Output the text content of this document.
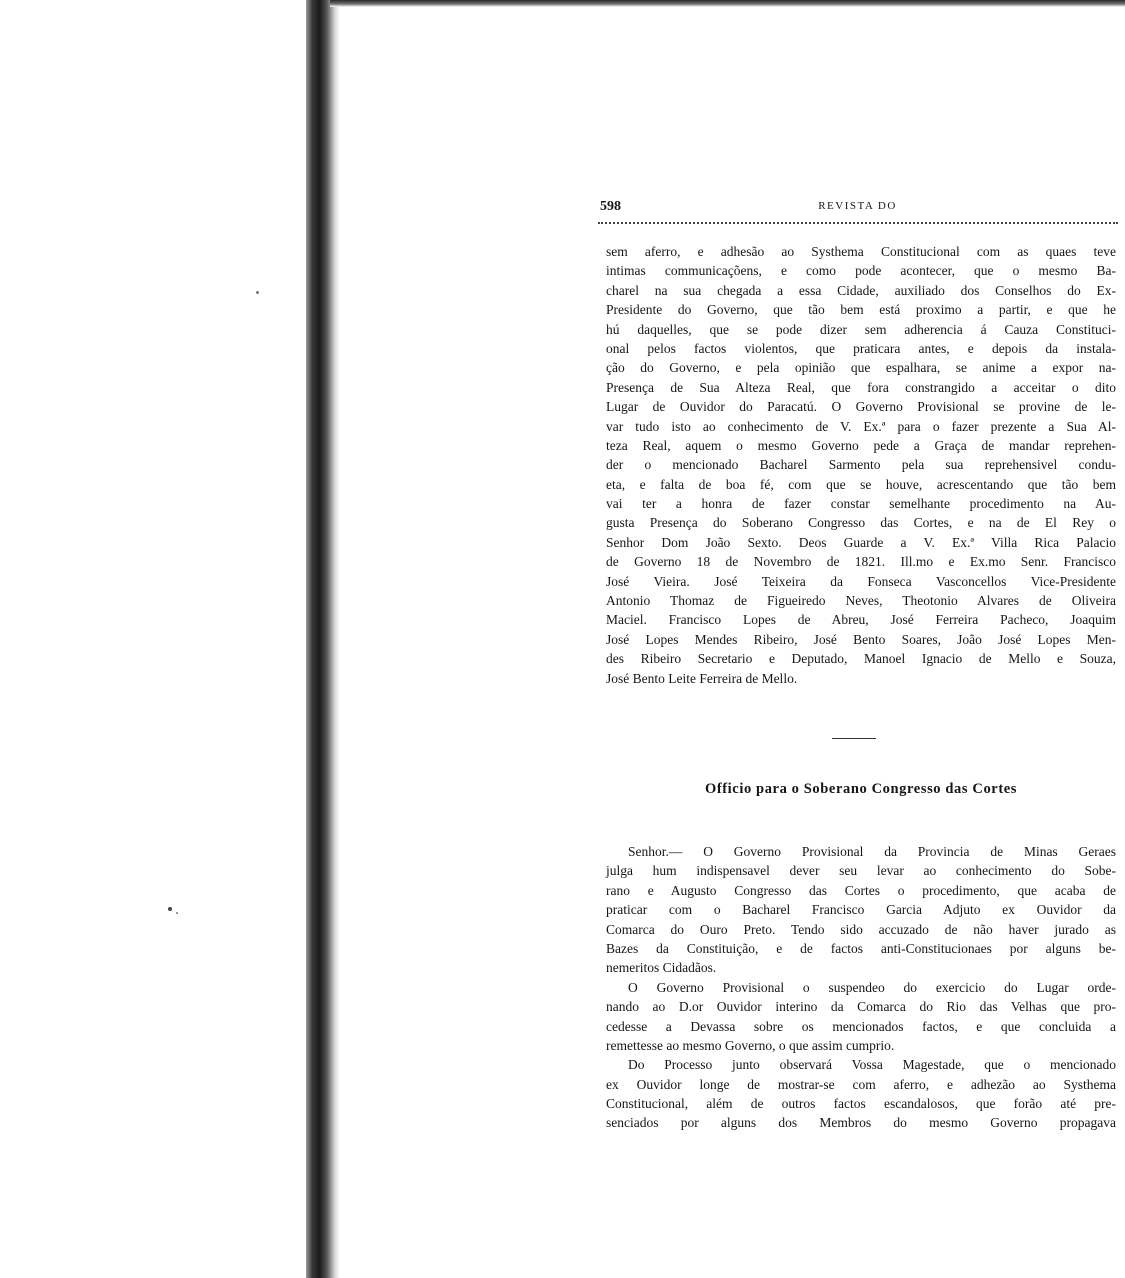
598	REVISTA DO
sem aferro, e adhesão ao Systhema Constitucional com as quaes teve
intimas communicaçõens, e como pode acontecer, que o mesmo Ba-
charel na sua chegada a essa Cidade, auxiliado dos Conselhos do Ex-
Presidente do Governo, que tão bem está proximo a partir, e que he
hú daquelles, que se pode dizer sem adherencia á Cauza Constituci-
onal pelos factos violentos, que praticara antes, e depois da instala-
ção do Governo, e pela opinião que espalhara, se anime a expor na-
Presença de Sua Alteza Real, que fora constrangido a acceitar o dito
Lugar de Ouvidor do Paracatú. O Governo Provisional se provine de le-
var tudo isto ao conhecimento de V. Ex.ª para o fazer prezente a Sua Al-
teza Real, aquem o mesmo Governo pede a Graça de mandar reprehen-
der o mencionado Bacharel Sarmento pela sua reprehensivel condu-
eta, e falta de boa fé, com que se houve, acrescentando que tão bem
vai ter a honra de fazer constar semelhante procedimento na Au-
gusta Presença do Soberano Congresso das Cortes, e na de El Rey o
Senhor Dom João Sexto. Deos Guarde a V. Ex.ª Villa Rica Palacio
de Governo 18 de Novembro de 1821. Ill.mo e Ex.mo Senr. Francisco
José Vieira. José Teixeira da Fonseca Vasconcellos Vice-Presidente
Antonio Thomaz de Figueiredo Neves, Theotonio Alvares de Oliveira
Maciel. Francisco Lopes de Abreu, José Ferreira Pacheco, Joaquim
José Lopes Mendes Ribeiro, José Bento Soares, João José Lopes Men-
des Ribeiro Secretario e Deputado, Manoel Ignacio de Mello e Souza,
José Bento Leite Ferreira de Mello.
Officio para o Soberano Congresso das Cortes
Senhor.— O Governo Provisional da Provincia de Minas Geraes
julga hum indispensavel dever seu levar ao conhecimento do Sobe-
rano e Augusto Congresso das Cortes o procedimento, que acaba de
praticar com o Bacharel Francisco Garcia Adjuto ex Ouvidor da
Comarca do Ouro Preto. Tendo sido accuzado de não haver jurado as
Bazes da Constituição, e de factos anti-Constitucionaes por alguns be-
nemeritos Cidadãos.
O Governo Provisional o suspendeo do exercicio do Lugar orde-
nando ao D.or Ouvidor interino da Comarca do Rio das Velhas que pro-
cedesse a Devassa sobre os mencionados factos, e que concluida a
remettesse ao mesmo Governo, o que assim cumprio.
Do Processo junto observará Vossa Magestade, que o mencionado
ex Ouvidor longe de mostrar-se com aferro, e adhezão ao Systhema
Constitucional, além de outros factos escandalosos, que forão até pre-
senciados por alguns dos Membros do mesmo Governo propagava
